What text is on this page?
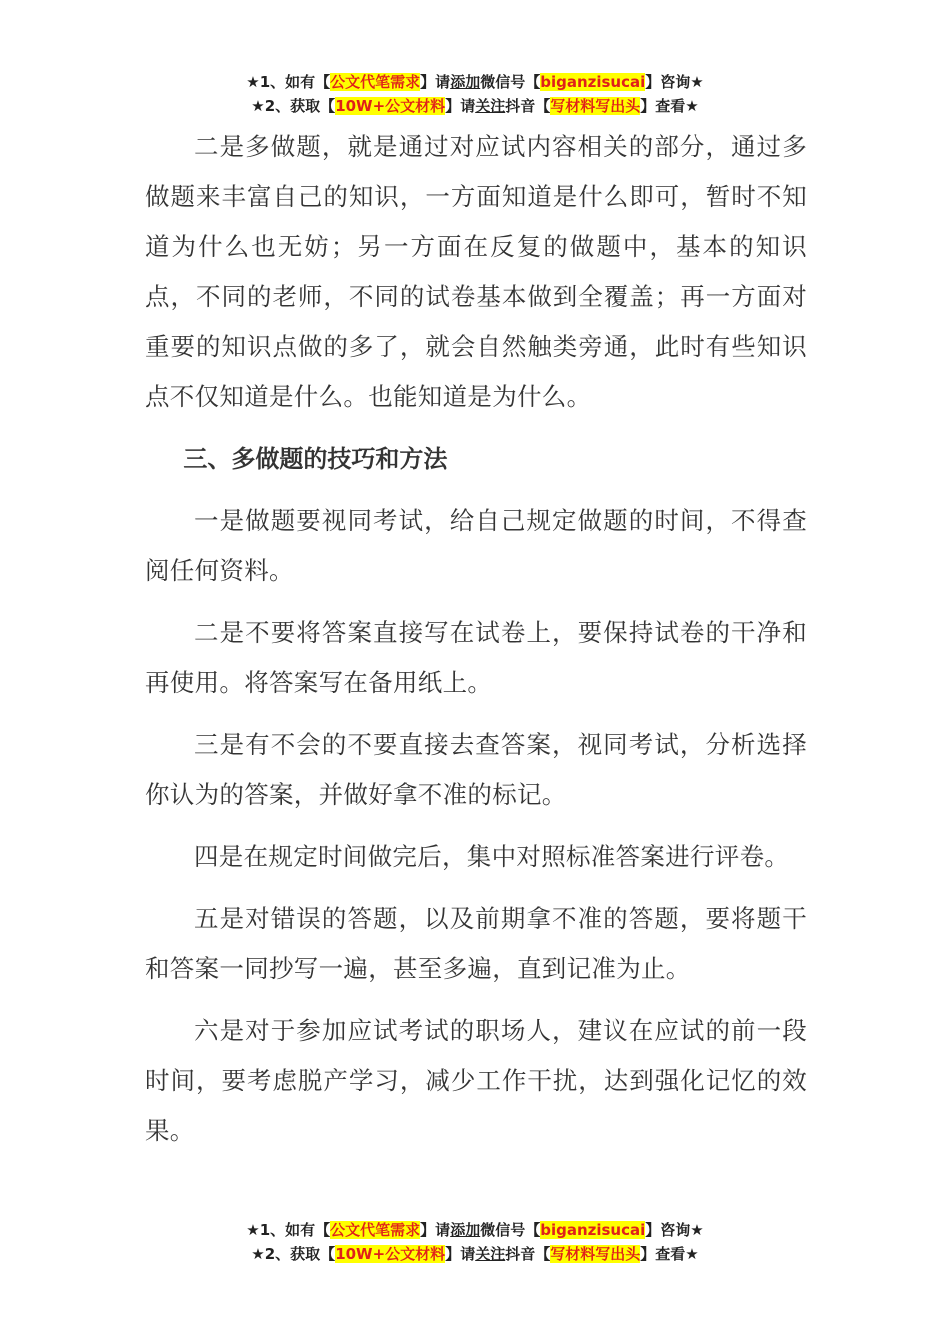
★1、如有【公文代笔需求】请添加微信号【biganzisucai】咨询★
★2、获取【10W+公文材料】请关注抖音【写材料写出头】查看★

二是多做题，就是通过对应试内容相关的部分，通过多做题来丰富自己的知识，一方面知道是什么即可，暂时不知道为什么也无妨；另一方面在反复的做题中，基本的知识点，不同的老师，不同的试卷基本做到全覆盖；再一方面对重要的知识点做的多了，就会自然触类旁通，此时有些知识点不仅知道是什么。也能知道是为什么。

三、多做题的技巧和方法

一是做题要视同考试，给自己规定做题的时间，不得查阅任何资料。

二是不要将答案直接写在试卷上，要保持试卷的干净和再使用。将答案写在备用纸上。

三是有不会的不要直接去查答案，视同考试，分析选择你认为的答案，并做好拿不准的标记。

四是在规定时间做完后，集中对照标准答案进行评卷。

五是对错误的答题，以及前期拿不准的答题，要将题干和答案一同抄写一遍，甚至多遍，直到记准为止。

六是对于参加应试考试的职场人，建议在应试的前一段时间，要考虑脱产学习，减少工作干扰，达到强化记忆的效果。

★1、如有【公文代笔需求】请添加微信号【biganzisucai】咨询★
★2、获取【10W+公文材料】请关注抖音【写材料写出头】查看★
